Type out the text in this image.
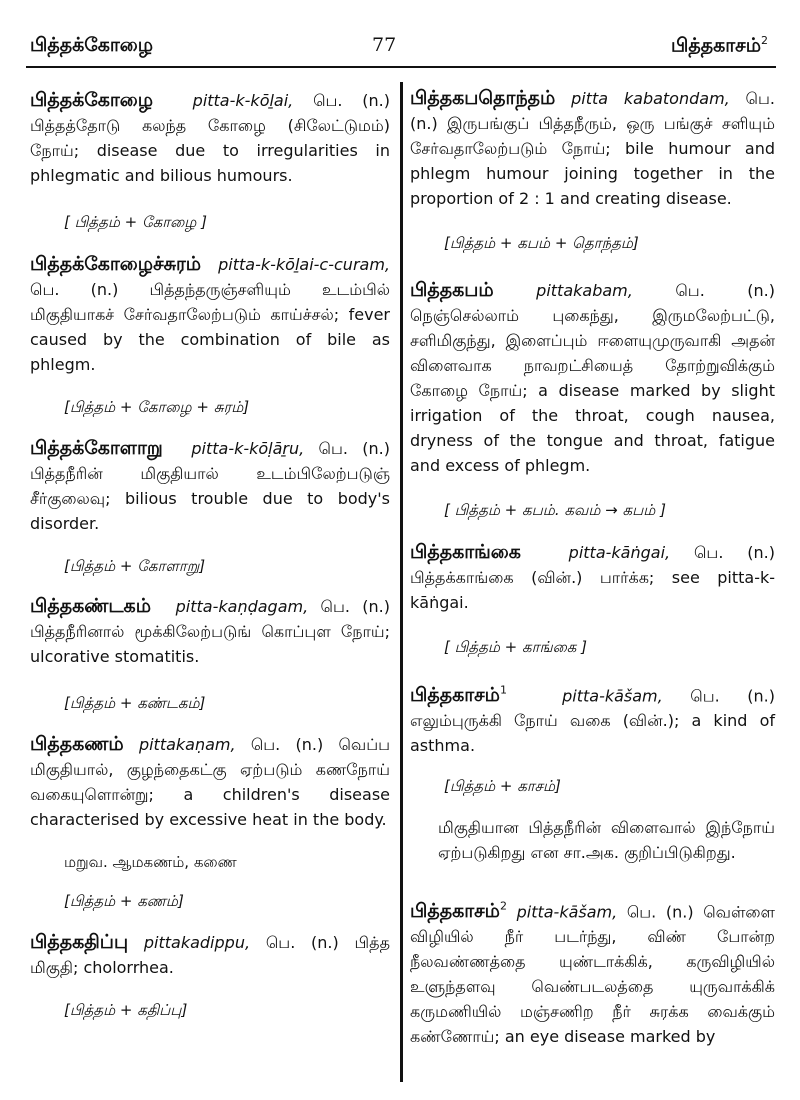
பித்தக்கோழை	77	பித்தகாசம்$^2$

பித்தக்கோழை pitta-k-kōḻai, பெ. (n.) பித்தத்தோடு கலந்த கோழை (சிலேட்டுமம்) நோய்; disease due to irregularities in phlegmatic and bilious humours.

[ பித்தம் + கோழை ]

பித்தக்கோழைச்சுரம் pitta-k-kōḻai-c-curam, பெ. (n.) பித்தந்தருஞ்சளியும் உடம்பில் மிகுதியாகச் சேர்வதாலேற்படும் காய்ச்சல்; fever caused by the combination of bile as phlegm.

[பித்தம் + கோழை + சுரம்]

பித்தக்கோளாறு pitta-k-kōḷāṟu, பெ. (n.) பித்தநீரின் மிகுதியால் உடம்பிலேற்படுஞ் சீர்குலைவு; bilious trouble due to body's disorder.

[பித்தம் + கோளாறு]

பித்தகண்டகம் pitta-kaṇḍagam, பெ. (n.) பித்தநீரினால் மூக்கிலேற்படுங் கொப்புள நோய்; ulcorative stomatitis.

[பித்தம் + கண்டகம்]

பித்தகணம் pittakaṇam, பெ. (n.) வெப்ப மிகுதியால், குழந்தைகட்கு ஏற்படும் கணநோய் வகையுளொன்று; a children's disease characterised by excessive heat in the body.

மறுவ. ஆமகணம், கணை

[பித்தம் + கணம்]

பித்தகதிப்பு pittakadippu, பெ. (n.) பித்த மிகுதி; cholorrhea.

[பித்தம் + கதிப்பு]

பித்தகபதொந்தம் pitta kabatondam, பெ. (n.) இருபங்குப் பித்தநீரும், ஒரு பங்குச் சளியும் சேர்வதாலேற்படும் நோய்; bile humour and phlegm humour joining together in the proportion of 2 : 1 and creating disease.

[பித்தம் + கபம் + தொந்தம்]

பித்தகபம்	pittakabam,	பெ. (n.) நெஞ்செல்லாம் புகைந்து, இருமலேற்பட்டு, சளிமிகுந்து, இளைப்பும் ஈளையுமுருவாகி அதன் விளைவாக நாவறட்சியைத் தோற்றுவிக்கும் கோழை நோய்; a disease marked by slight irrigation of the throat, cough nausea, dryness of the tongue and throat, fatigue and excess of phlegm.

[ பித்தம் + கபம். கவம் → கபம் ]

பித்தகாங்கை	pitta-kāṅgai, பெ. (n.) பித்தக்காங்கை (வின்.) பார்க்க; see pitta-k-kāṅgai.

[ பித்தம் + காங்கை ]

பித்தகாசம்$^1$	pitta-kāšam, பெ. (n.) எலும்புருக்கி நோய் வகை (வின்.); a kind of asthma.

[பித்தம் + காசம்]

மிகுதியான பித்தநீரின் விளைவால் இந்நோய் ஏற்படுகிறது என சா.அக. குறிப்பிடுகிறது.

பித்தகாசம்$^2$ pitta-kāšam, பெ. (n.) வெள்ளை விழியில் நீர் படர்ந்து, விண் போன்ற நீலவண்ணத்தை யுண்டாக்கிக், கருவிழியில் உளுந்தளவு வெண்படலத்தை யுருவாக்கிக் கருமணியில் மஞ்சணிற நீர் சுரக்க வைக்கும் கண்ணோய்; an eye disease marked by
